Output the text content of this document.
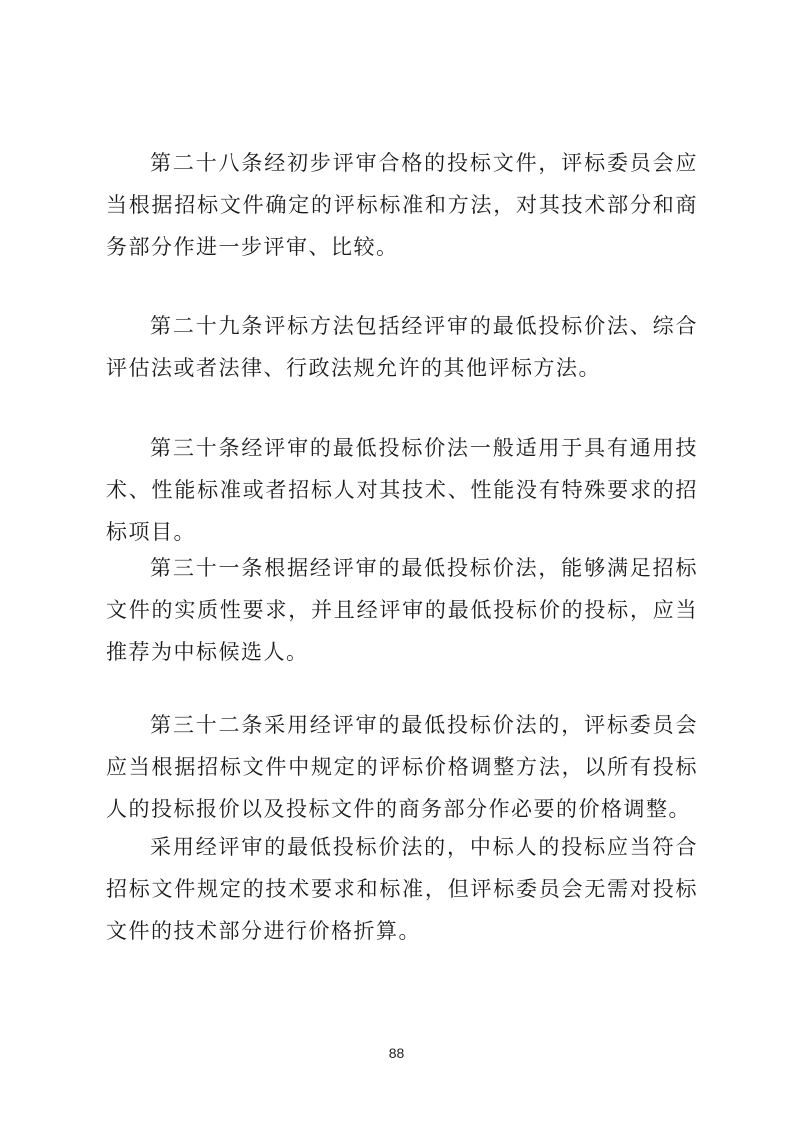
第二十八条经初步评审合格的投标文件，评标委员会应当根据招标文件确定的评标标准和方法，对其技术部分和商务部分作进一步评审、比较。

第二十九条评标方法包括经评审的最低投标价法、综合评估法或者法律、行政法规允许的其他评标方法。

第三十条经评审的最低投标价法一般适用于具有通用技术、性能标准或者招标人对其技术、性能没有特殊要求的招标项目。

第三十一条根据经评审的最低投标价法，能够满足招标文件的实质性要求，并且经评审的最低投标价的投标，应当推荐为中标候选人。

第三十二条采用经评审的最低投标价法的，评标委员会应当根据招标文件中规定的评标价格调整方法，以所有投标人的投标报价以及投标文件的商务部分作必要的价格调整。

采用经评审的最低投标价法的，中标人的投标应当符合招标文件规定的技术要求和标准，但评标委员会无需对投标文件的技术部分进行价格折算。

88
